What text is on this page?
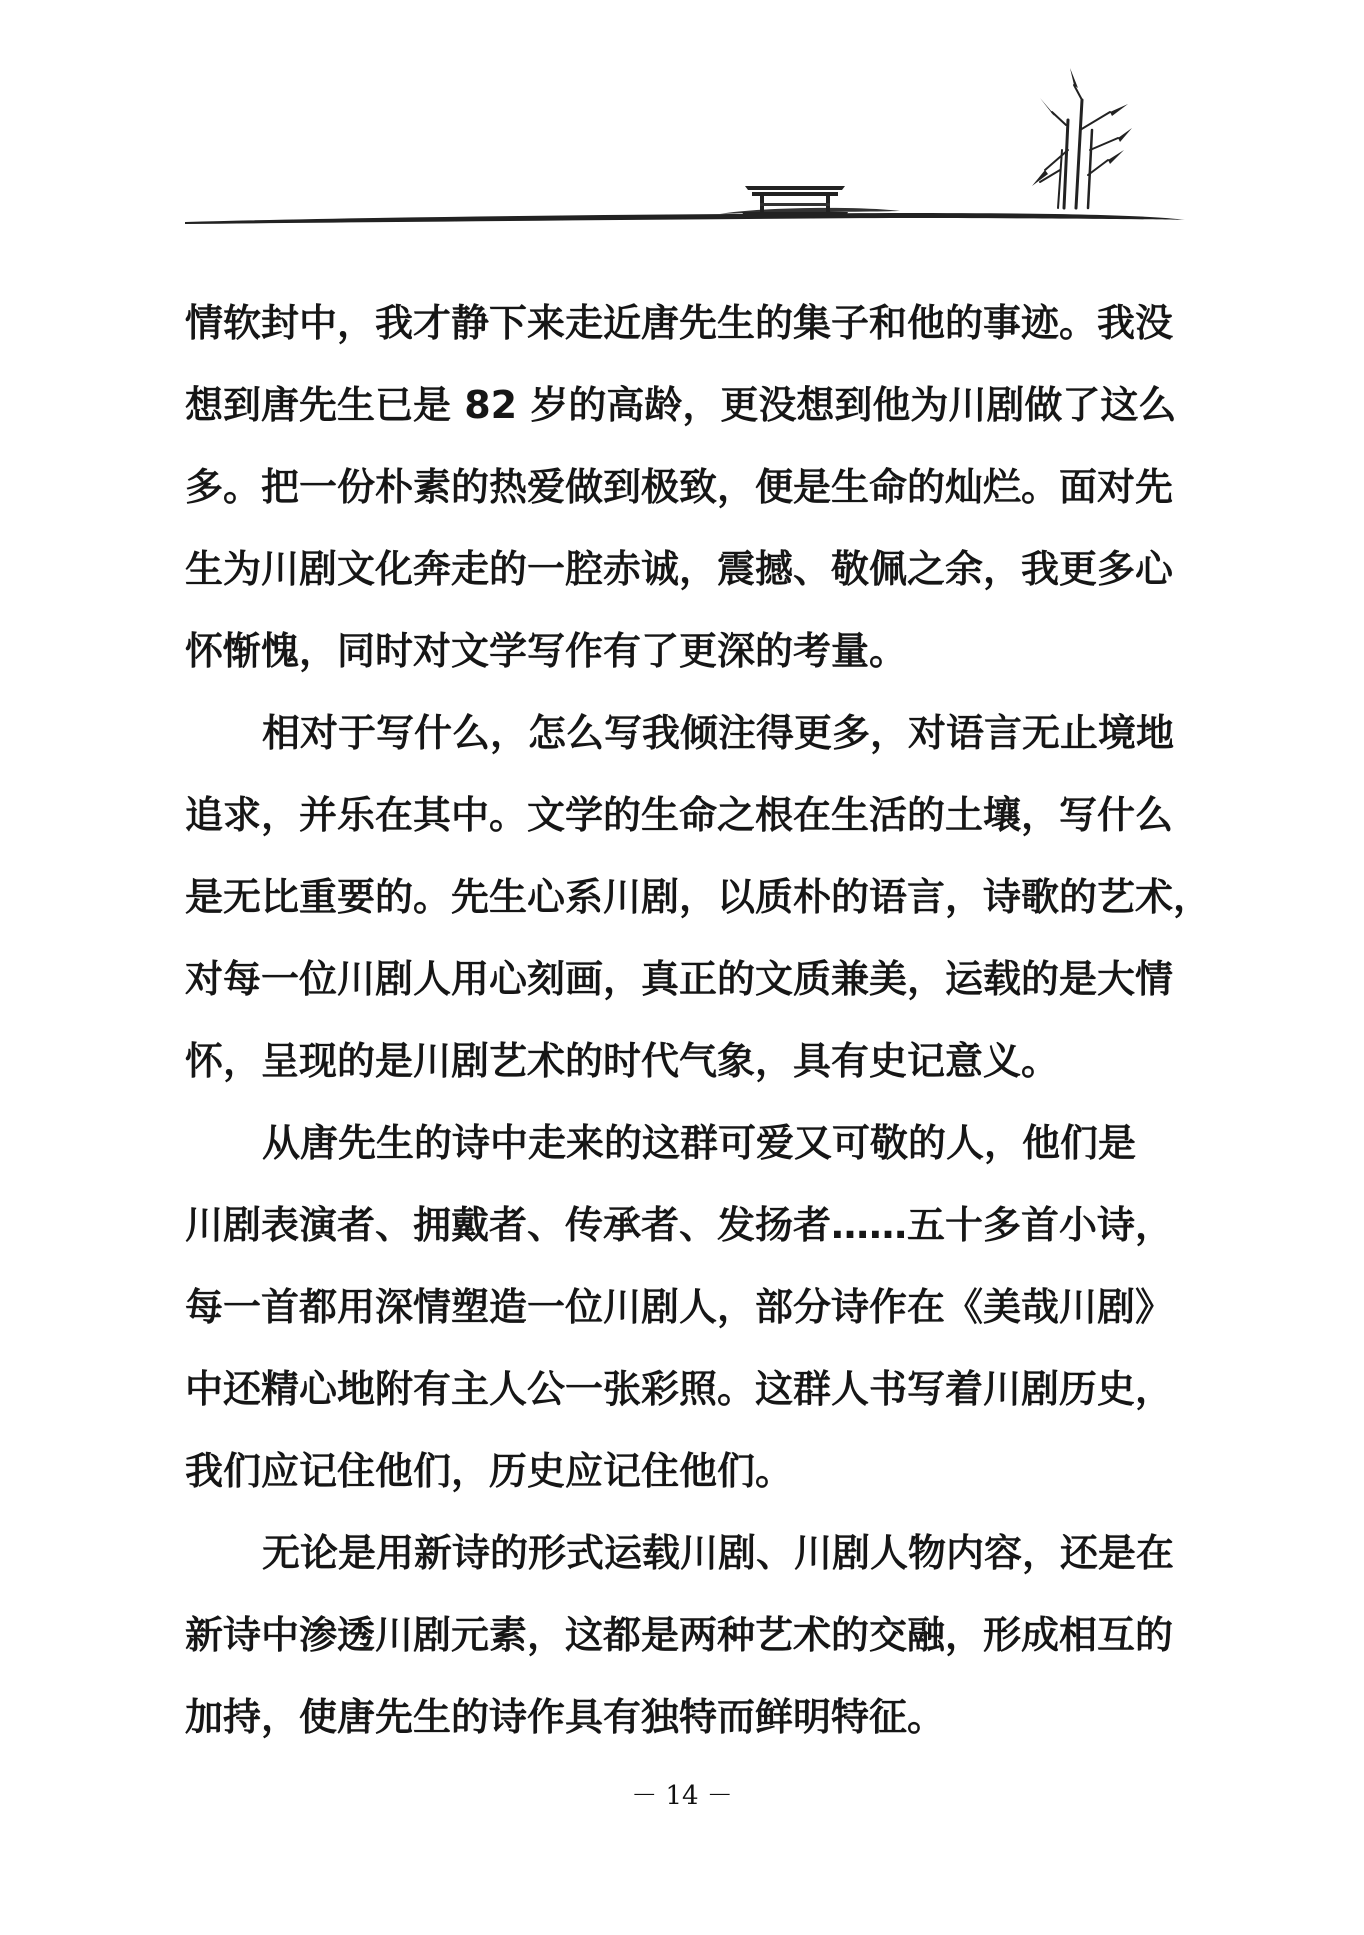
情软封中，我才静下来走近唐先生的集子和他的事迹。我没
想到唐先生已是 82 岁的高龄，更没想到他为川剧做了这么
多。把一份朴素的热爱做到极致，便是生命的灿烂。面对先
生为川剧文化奔走的一腔赤诚，震撼、敬佩之余，我更多心
怀惭愧，同时对文学写作有了更深的考量。
相对于写什么，怎么写我倾注得更多，对语言无止境地
追求，并乐在其中。文学的生命之根在生活的土壤，写什么
是无比重要的。先生心系川剧，以质朴的语言，诗歌的艺术，
对每一位川剧人用心刻画，真正的文质兼美，运载的是大情
怀，呈现的是川剧艺术的时代气象，具有史记意义。
从唐先生的诗中走来的这群可爱又可敬的人，他们是
川剧表演者、拥戴者、传承者、发扬者……五十多首小诗，
每一首都用深情塑造一位川剧人，部分诗作在《美哉川剧》
中还精心地附有主人公一张彩照。这群人书写着川剧历史，
我们应记住他们，历史应记住他们。
无论是用新诗的形式运载川剧、川剧人物内容，还是在
新诗中渗透川剧元素，这都是两种艺术的交融，形成相互的
加持，使唐先生的诗作具有独特而鲜明特征。
－ 14 －
